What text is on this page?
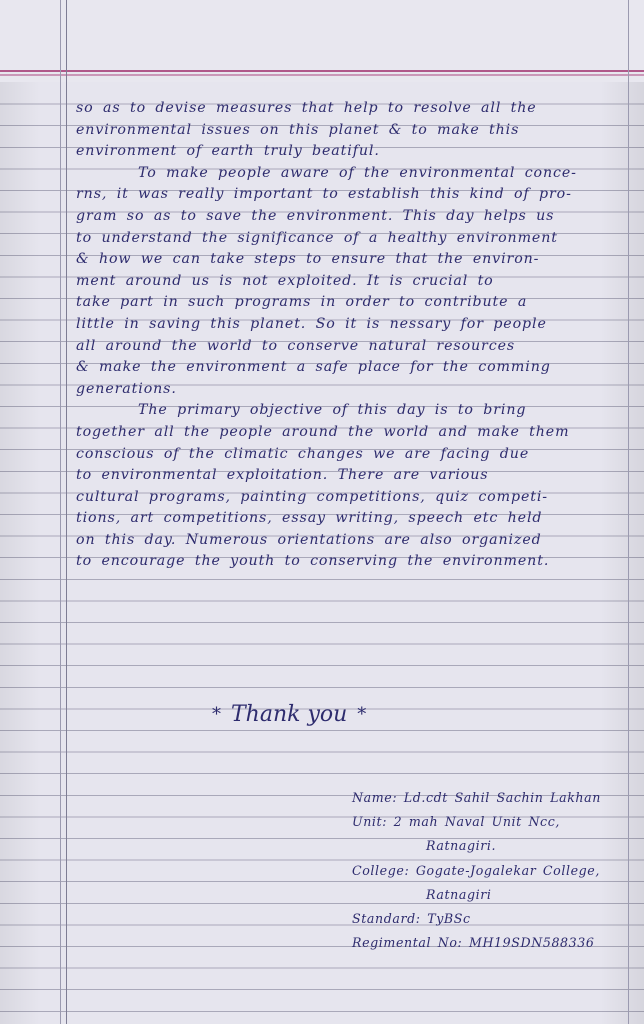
so as to devise measures that help to resolve all the
environmental issues on this planet & to make this
environment of earth truly beatiful.
To make people aware of the environmental conce-
rns, it was really important to establish this kind of pro-
gram so as to save the environment. This day helps us
to understand the significance of a healthy environment
& how we can take steps to ensure that the environ-
ment around us is not exploited. It is crucial to
take part in such programs in order to contribute a
little in saving this planet. So it is nessary for people
all around the world to conserve natural resources
& make the environment a safe place for the comming
generations.
The primary objective of this day is to bring
together all the people around the world and make them
conscious of the climatic changes we are facing due
to environmental exploitation. There are various
cultural programs, painting competitions, quiz competi-
tions, art competitions, essay writing, speech etc held
on this day. Numerous orientations are also organized
to encourage the youth to conserving the environment.
* Thank you *
Name: Ld.cdt Sahil Sachin Lakhan
Unit: 2 mah Naval Unit Ncc,
Ratnagiri.
College: Gogate-Jogalekar College,
Ratnagiri
Standard: TyBSc
Regimental No: MH19SDN588336
